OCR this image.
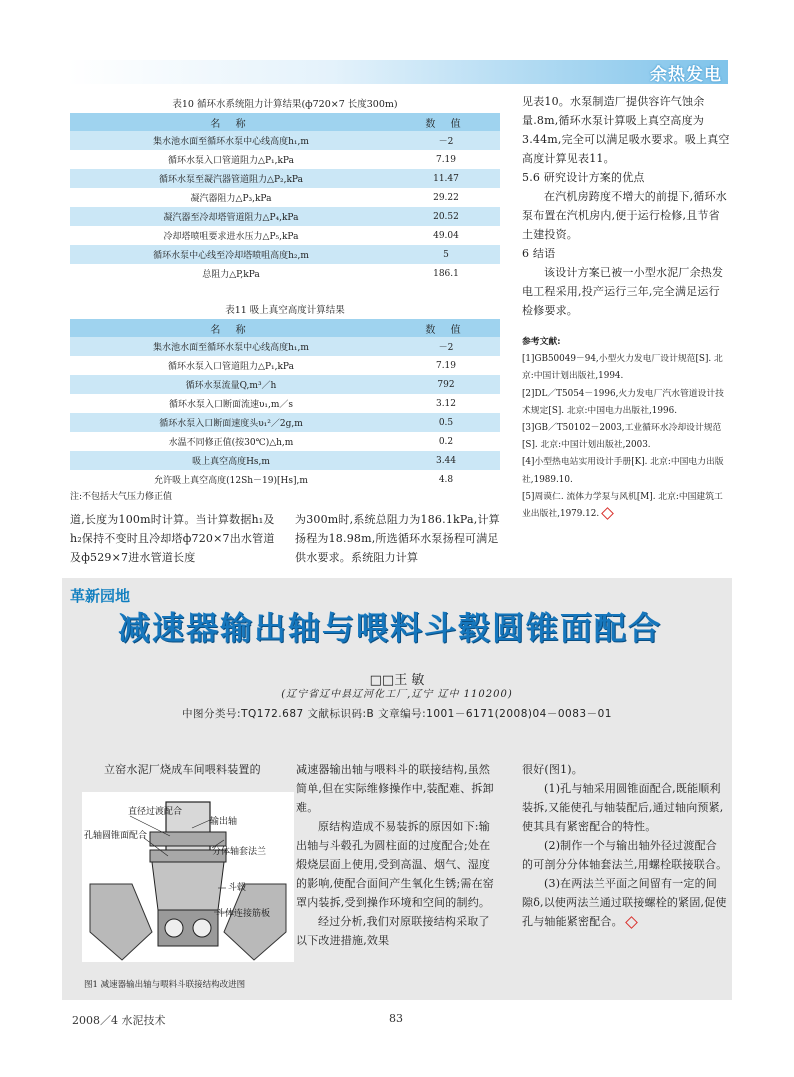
余热发电
表10 循环水系统阻力计算结果(ф720×7 长度300m)
名 称	数 值
集水池水面至循环水泵中心线高度h₁,m	－2
循环水泵入口管道阻力△P₁,kPa	7.19
循环水泵至凝汽器管道阻力△P₂,kPa	11.47
凝汽器阻力△P₃,kPa	29.22
凝汽器至冷却塔管道阻力△P₄,kPa	20.52
冷却塔喷咀要求进水压力△P₅,kPa	49.04
循环水泵中心线至冷却塔喷咀高度h₂,m	5
总阻力△P,kPa	186.1
表11 吸上真空高度计算结果
名 称	数 值
集水池水面至循环水泵中心线高度h₁,m	－2
循环水泵入口管道阻力△P₁,kPa	7.19
循环水泵流量Q,m³／h	792
循环水泵入口断面流速υ₁,m／s	3.12
循环水泵入口断面速度头υ₁²／2g,m	0.5
水温不同修正值(按30℃)△h,m	0.2
吸上真空高度Hs,m	3.44
允许吸上真空高度(12Sh－19)[Hs],m	4.8
注:不包括大气压力修正值

道,长度为100m时计算。当计算数据h₁及h₂保持不变时且冷却塔ф720×7出水管道及ф529×7进水管道长度

为300m时,系统总阻力为186.1kPa,计算扬程为18.98m,所选循环水泵扬程可满足供水要求。系统阻力计算

见表10。水泵制造厂提供容许气蚀余量.8m,循环水泵计算吸上真空高度为3.44m,完全可以满足吸水要求。吸上真空高度计算见表11。

5.6 研究设计方案的优点

在汽机房跨度不增大的前提下,循环水泵布置在汽机房内,便于运行检修,且节省土建投资。

6 结语

该设计方案已被一小型水泥厂余热发电工程采用,投产运行三年,完全满足运行检修要求。

参考文献:

[1]GB50049－94,小型火力发电厂设计规范[S]. 北京:中国计划出版社,1994.

[2]DL／T5054－1996,火力发电厂汽水管道设计技术规定[S]. 北京:中国电力出版社,1996.

[3]GB／T50102－2003,工业循环水冷却设计规范[S]. 北京:中国计划出版社,2003.

[4]小型热电站实用设计手册[K]. 北京:中国电力出版社,1989.10.

[5]周谟仁. 流体力学泵与风机[M]. 北京:中国建筑工业出版社,1979.12.

革新园地
减速器输出轴与喂料斗毂圆锥面配合
□□王 敏
(辽宁省辽中县辽河化工厂,辽宁 辽中 110200)
中图分类号:TQ172.687 文献标识码:B 文章编号:1001－6171(2008)04－0083－01

立窑水泥厂烧成车间喂料装置的

直径过渡配合
输出轴
孔轴圆锥面配合
分体轴套法兰
斗毂
斗体连接筋板
图1 减速器输出轴与喂料斗联接结构改进图

减速器输出轴与喂料斗的联接结构,虽然简单,但在实际维修操作中,装配难、拆卸难。

原结构造成不易装拆的原因如下:输出轴与斗毂孔为圆柱面的过度配合;处在煅烧层面上使用,受到高温、烟气、湿度的影响,使配合面间产生氧化生锈;需在窑罩内装拆,受到操作环境和空间的制约。

经过分析,我们对原联接结构采取了以下改进措施,效果

很好(图1)。

(1)孔与轴采用圆锥面配合,既能顺利装拆,又能使孔与轴装配后,通过轴向预紧,使其具有紧密配合的特性。

(2)制作一个与输出轴外径过渡配合的可剖分分体轴套法兰,用螺栓联接联合。

(3)在两法兰平面之间留有一定的间隙δ,以使两法兰通过联接螺栓的紧固,促使孔与轴能紧密配合。

2008／4 水泥技术	83
